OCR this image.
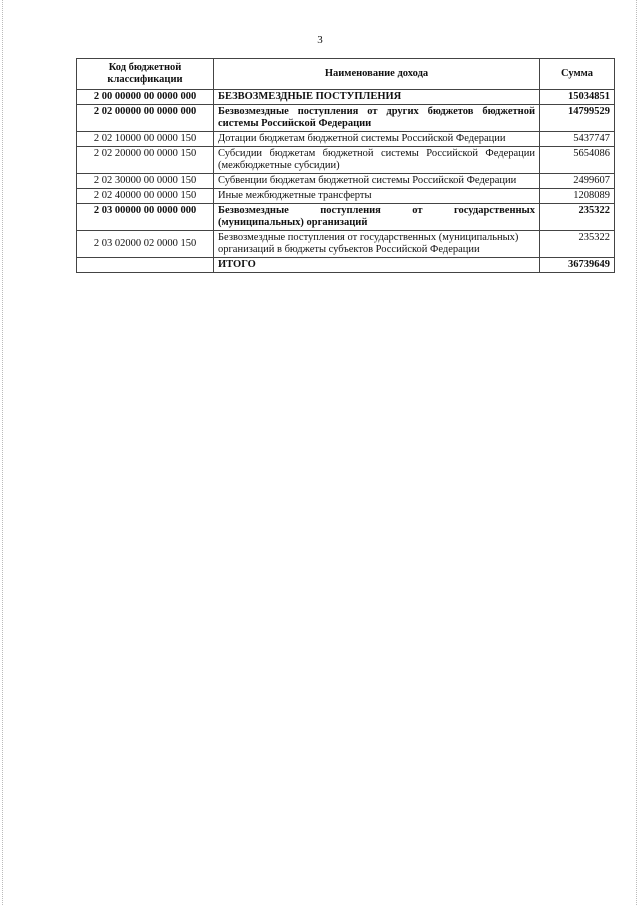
3
Код бюджетной классификации	Наименование дохода	Сумма
2 00 00000 00 0000 000	БЕЗВОЗМЕЗДНЫЕ ПОСТУПЛЕНИЯ	15034851
2 02 00000 00 0000 000	Безвозмездные поступления от других бюджетов бюджетной системы Российской Федерации	14799529
2 02 10000 00 0000 150	Дотации бюджетам бюджетной системы Российской Федерации	5437747
2 02 20000 00 0000 150	Субсидии бюджетам бюджетной системы Российской Федерации (межбюджетные субсидии)	5654086
2 02 30000 00 0000 150	Субвенции бюджетам бюджетной системы Российской Федерации	2499607
2 02 40000 00 0000 150	Иные межбюджетные трансферты	1208089
2 03 00000 00 0000 000	Безвозмездные поступления от государственных (муниципальных) организаций	235322
2 03 02000 02 0000 150	Безвозмездные поступления от государственных (муниципальных) организаций в бюджеты субъектов Российской Федерации	235322
	ИТОГО	36739649
